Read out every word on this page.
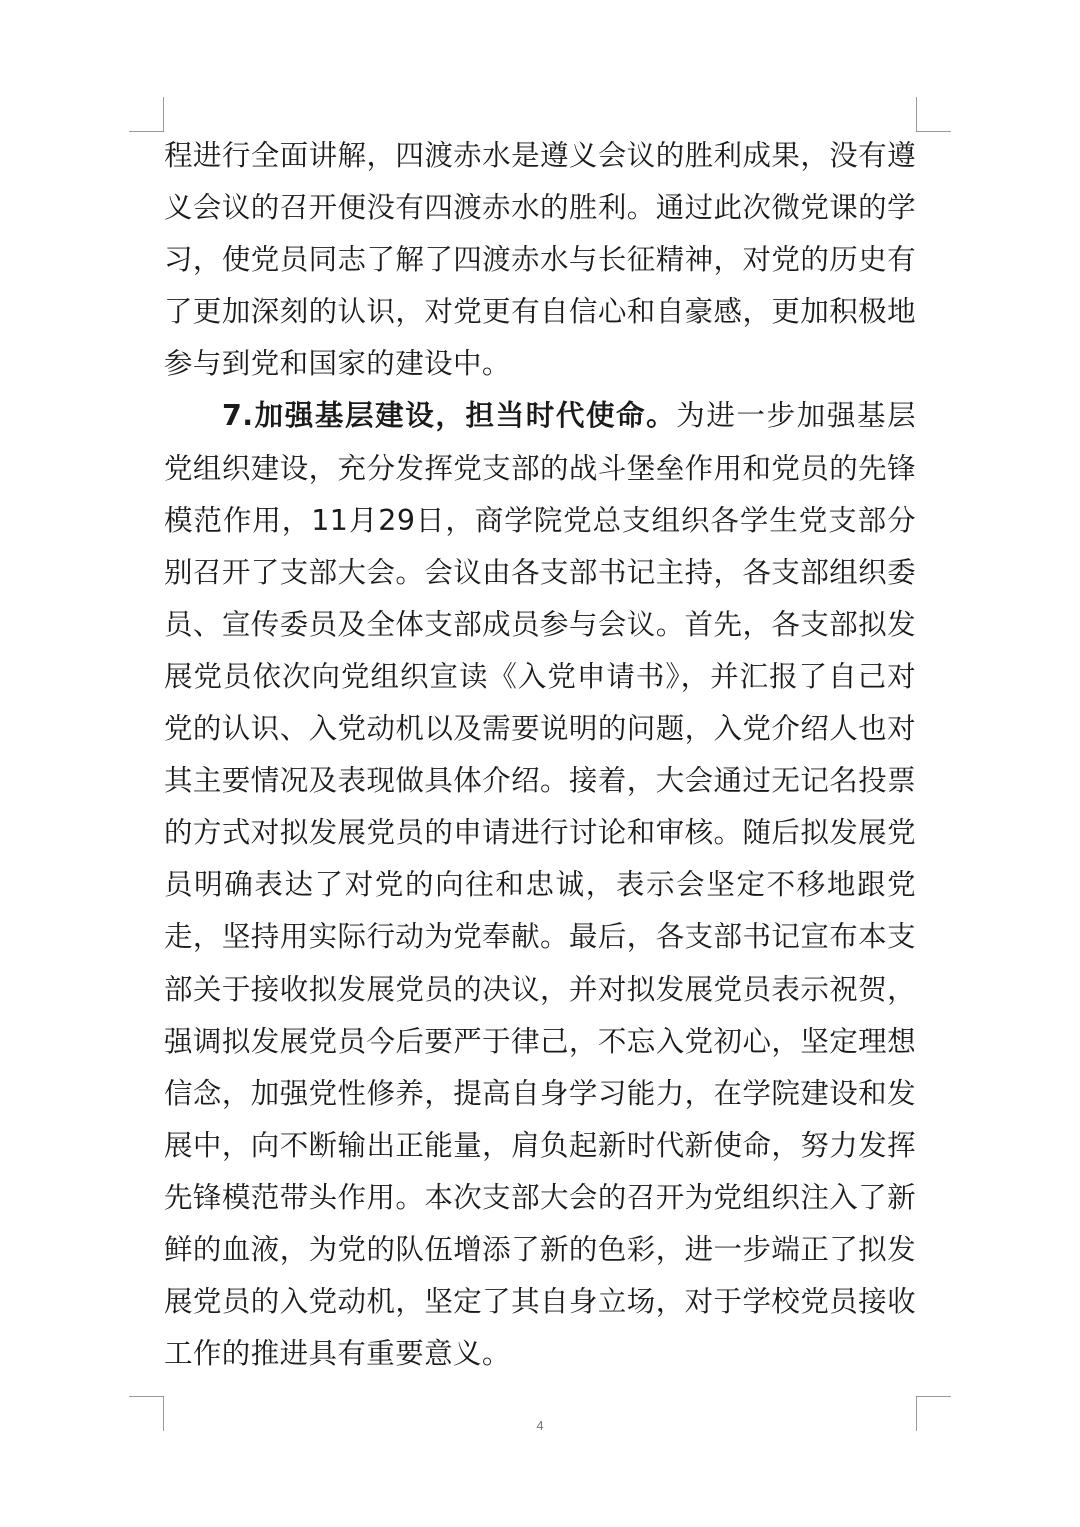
程进行全面讲解，四渡赤水是遵义会议的胜利成果，没有遵义会议的召开便没有四渡赤水的胜利。通过此次微党课的学习，使党员同志了解了四渡赤水与长征精神，对党的历史有了更加深刻的认识，对党更有自信心和自豪感，更加积极地参与到党和国家的建设中。

7.加强基层建设，担当时代使命。为进一步加强基层党组织建设，充分发挥党支部的战斗堡垒作用和党员的先锋模范作用，11月29日，商学院党总支组织各学生党支部分别召开了支部大会。会议由各支部书记主持，各支部组织委员、宣传委员及全体支部成员参与会议。首先，各支部拟发展党员依次向党组织宣读《入党申请书》，并汇报了自己对党的认识、入党动机以及需要说明的问题，入党介绍人也对其主要情况及表现做具体介绍。接着，大会通过无记名投票的方式对拟发展党员的申请进行讨论和审核。随后拟发展党员明确表达了对党的向往和忠诚，表示会坚定不移地跟党走，坚持用实际行动为党奉献。最后，各支部书记宣布本支部关于接收拟发展党员的决议，并对拟发展党员表示祝贺，强调拟发展党员今后要严于律己，不忘入党初心，坚定理想信念，加强党性修养，提高自身学习能力，在学院建设和发展中，向不断输出正能量，肩负起新时代新使命，努力发挥先锋模范带头作用。本次支部大会的召开为党组织注入了新鲜的血液，为党的队伍增添了新的色彩，进一步端正了拟发展党员的入党动机，坚定了其自身立场，对于学校党员接收工作的推进具有重要意义。

4
